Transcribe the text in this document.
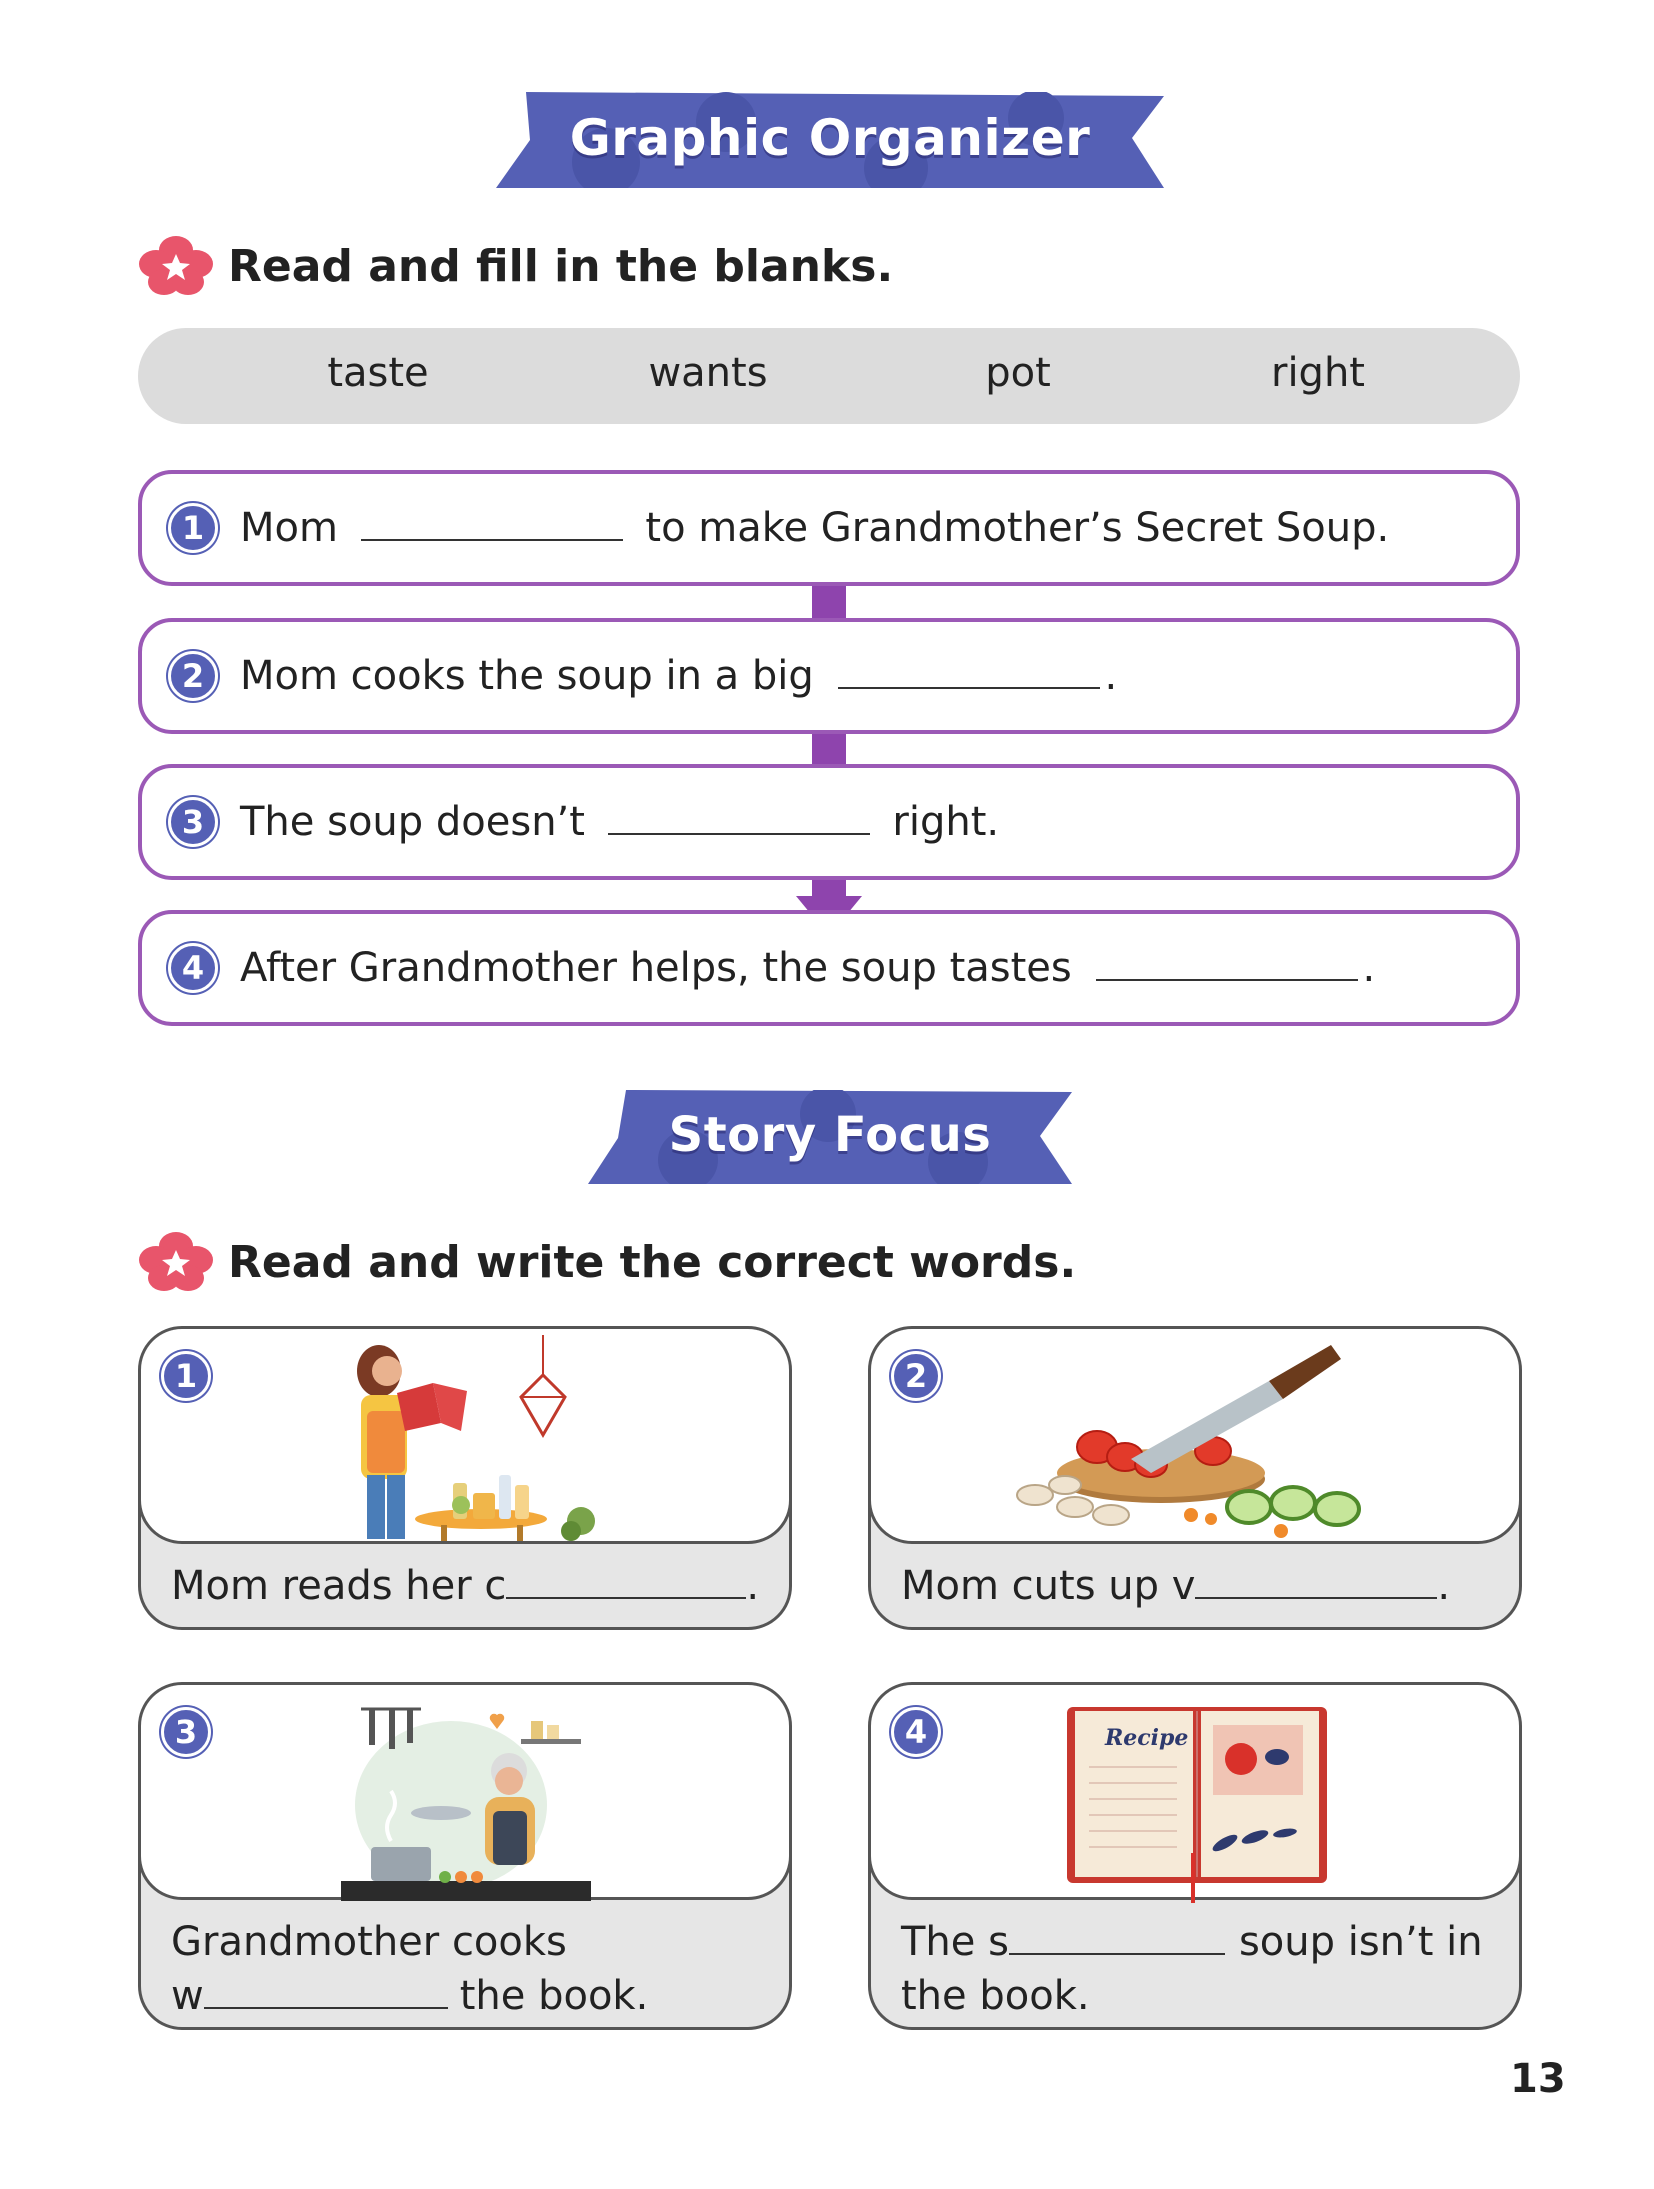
Graphic Organizer
Read and fill in the blanks.
taste	wants	pot	right
1 Mom	to make Grandmother’s Secret Soup.
2 Mom cooks the soup in a big	.
3 The soup doesn’t	right.
4 After Grandmother helps, the soup tastes	.
Story Focus
Read and write the correct words.
1
Mom reads her c	.
2
Mom cuts up v	.
3
Grandmother cooks
w	the book.
4	Recipe
The s	soup isn’t in
the book.
13
